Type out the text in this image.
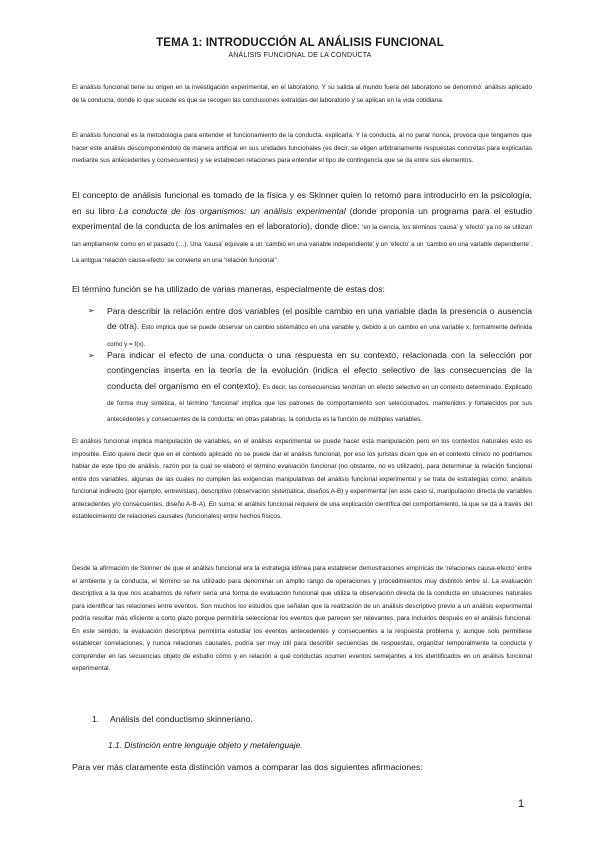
TEMA 1: INTRODUCCIÓN AL ANÁLISIS FUNCIONAL
ANÁLISIS FUNCIONAL DE LA CONDUCTA

El análisis funcional tiene su origen en la investigación experimental, en el laboratorio. Y su salida al mundo fuera del laboratorio se denominó: análisis aplicado de la conducta, donde lo que sucede es que se recogen las conclusiones extraídas del laboratorio y se aplican en la vida cotidiana.

El análisis funcional es la metodología para entender el funcionamiento de la conducta, explicarla. Y la conducta, al no parar nunca, provoca que tengamos que hacer este análisis descomponiéndolo de manera artificial en sus unidades funcionales (es decir, se eligen arbitrariamente respuestas concretas para explicarlas mediante sus antecedentes y consecuentes) y se establecen relaciones para entender el tipo de contingencia que se da entre sus elementos.

El concepto de análisis funcional es tomado de la física y es Skinner quien lo retomó para introducirlo en la psicología, en su libro La conducta de los organismos: un análisis experimental (donde proponía un programa para el estudio experimental de la conducta de los animales en el laboratorio), donde dice: ‘en la ciencia, los términos ‘causa’ y ‘efecto’ ya no se utilizan tan ampliamente como en el pasado (…). Una ‘causa’ equivale a un ‘cambio en una variable independiente’ y un ‘efecto’ a un ‘cambio en una variable dependiente’. La antigua ‘relación causa-efecto’ se convierte en una ‘relación funcional’’.

El término función se ha utilizado de varias maneras, especialmente de estas dos:

➢ Para describir la relación entre dos variables (el posible cambio en una variable dada la presencia o ausencia de otra). Esto implica que se puede observar un cambio sistemático en una variable y, debido a un cambio en una variable x, formalmente definida como y = f(x).

➢ Para indicar el efecto de una conducta o una respuesta en su contexto, relacionada con la selección por contingencias inserta en la teoría de la evolución (indica el efecto selectivo de las consecuencias de la conducta del organismo en el contexto). Es decir, las consecuencias tendrían un efecto selectivo en un contexto determinado. Explicado de forma muy sintética, el término ‘funcional’ implica que los patrones de comportamiento son seleccionados, mantenidos y fortalecidos por sus antecedentes y consecuentes de la conducta; en otras palabras, la conducta es la función de múltiples variables.

El análisis funcional implica manipulación de variables, en el análisis experimental se puede hacer esta manipulación pero en los contextos naturales esto es imposible. Esto quiere decir que en el contexto aplicado no se puede dar el análisis funcional, por eso los juristas dicen que en el contexto clínico no podríamos hablar de este tipo de análisis, razón por la cual se elaboró el término evaluación funcional (no obstante, no es utilizado), para determinar la relación funcional entre dos variables, algunas de las cuales no cumplen las exigencias manipulativas del análisis funcional experimental y se trata de estrategias como: análisis funcional indirecto (por ejemplo, entrevistas), descriptivo (observación sistemática, diseños A-B) y experimental (en este caso sí, manipulación directa de variables antecedentes y/o consecuentes, diseño A-B-A). En suma, el análisis funcional requiere de una explicación científica del comportamiento, la que se da a través del establecimiento de relaciones causales (funcionales) entre hechos físicos.

Desde la afirmación de Skinner de que el análisis funcional era la estrategia idónea para establecer demostraciones empíricas de ‘relaciones causa-efecto’ entre el ambiente y la conducta, el término se ha utilizado para denominar un amplio rango de operaciones y procedimientos muy distintos entre sí. La evaluación descriptiva a la que nos acabamos de referir sería una forma de evaluación funcional que utiliza la observación directa de la conducta en situaciones naturales para identificar las relaciones entre eventos. Son muchos los estudios que señalan que la realización de un análisis descriptivo previo a un análisis experimental podría resultar más eficiente a corto plazo porque permitiría seleccionar los eventos que parecen ser relevantes, para incluirlos después en el análisis funcional. En este sentido, la evaluación descriptiva permitiría estudiar los eventos antecedentes y consecuentes a la respuesta problema y, aunque solo permitiese establecer correlaciones, y nunca relaciones causales, podría ser muy útil para describir secuencias de respuestas, organizar temporalmente la conducta y comprender en las secuencias objeto de estudio cómo y en relación a qué conductas ocurren eventos semejantes a los identificados en un análisis funcional experimental.

1. Análisis del conductismo skinneriano.
1.1. Distinción entre lenguaje objeto y metalenguaje.
Para ver más claramente esta distinción vamos a comparar las dos siguientes afirmaciones:
1
